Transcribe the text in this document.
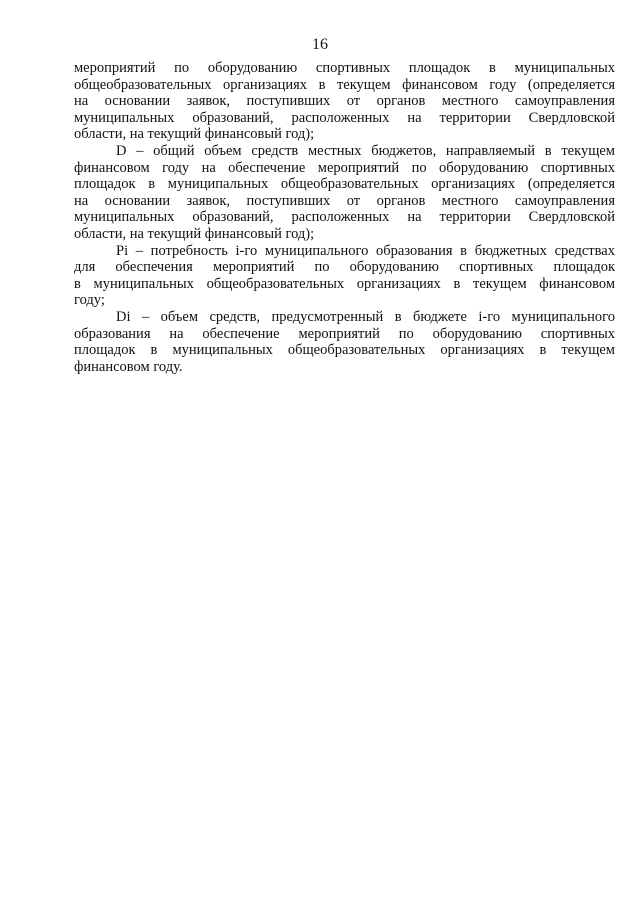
16
мероприятий по оборудованию спортивных площадок в муниципальных
общеобразовательных организациях в текущем финансовом году (определяется
на основании заявок, поступивших от органов местного самоуправления
муниципальных образований, расположенных на территории Свердловской
области, на текущий финансовый год);
D – общий объем средств местных бюджетов, направляемый в текущем
финансовом году на обеспечение мероприятий по оборудованию спортивных
площадок в муниципальных общеобразовательных организациях (определяется
на основании заявок, поступивших от органов местного самоуправления
муниципальных образований, расположенных на территории Свердловской
области, на текущий финансовый год);
Pi – потребность i-го муниципального образования в бюджетных средствах
для обеспечения мероприятий по оборудованию спортивных площадок
в муниципальных общеобразовательных организациях в текущем финансовом
году;
Di – объем средств, предусмотренный в бюджете i-го муниципального
образования на обеспечение мероприятий по оборудованию спортивных
площадок в муниципальных общеобразовательных организациях в текущем
финансовом году.
